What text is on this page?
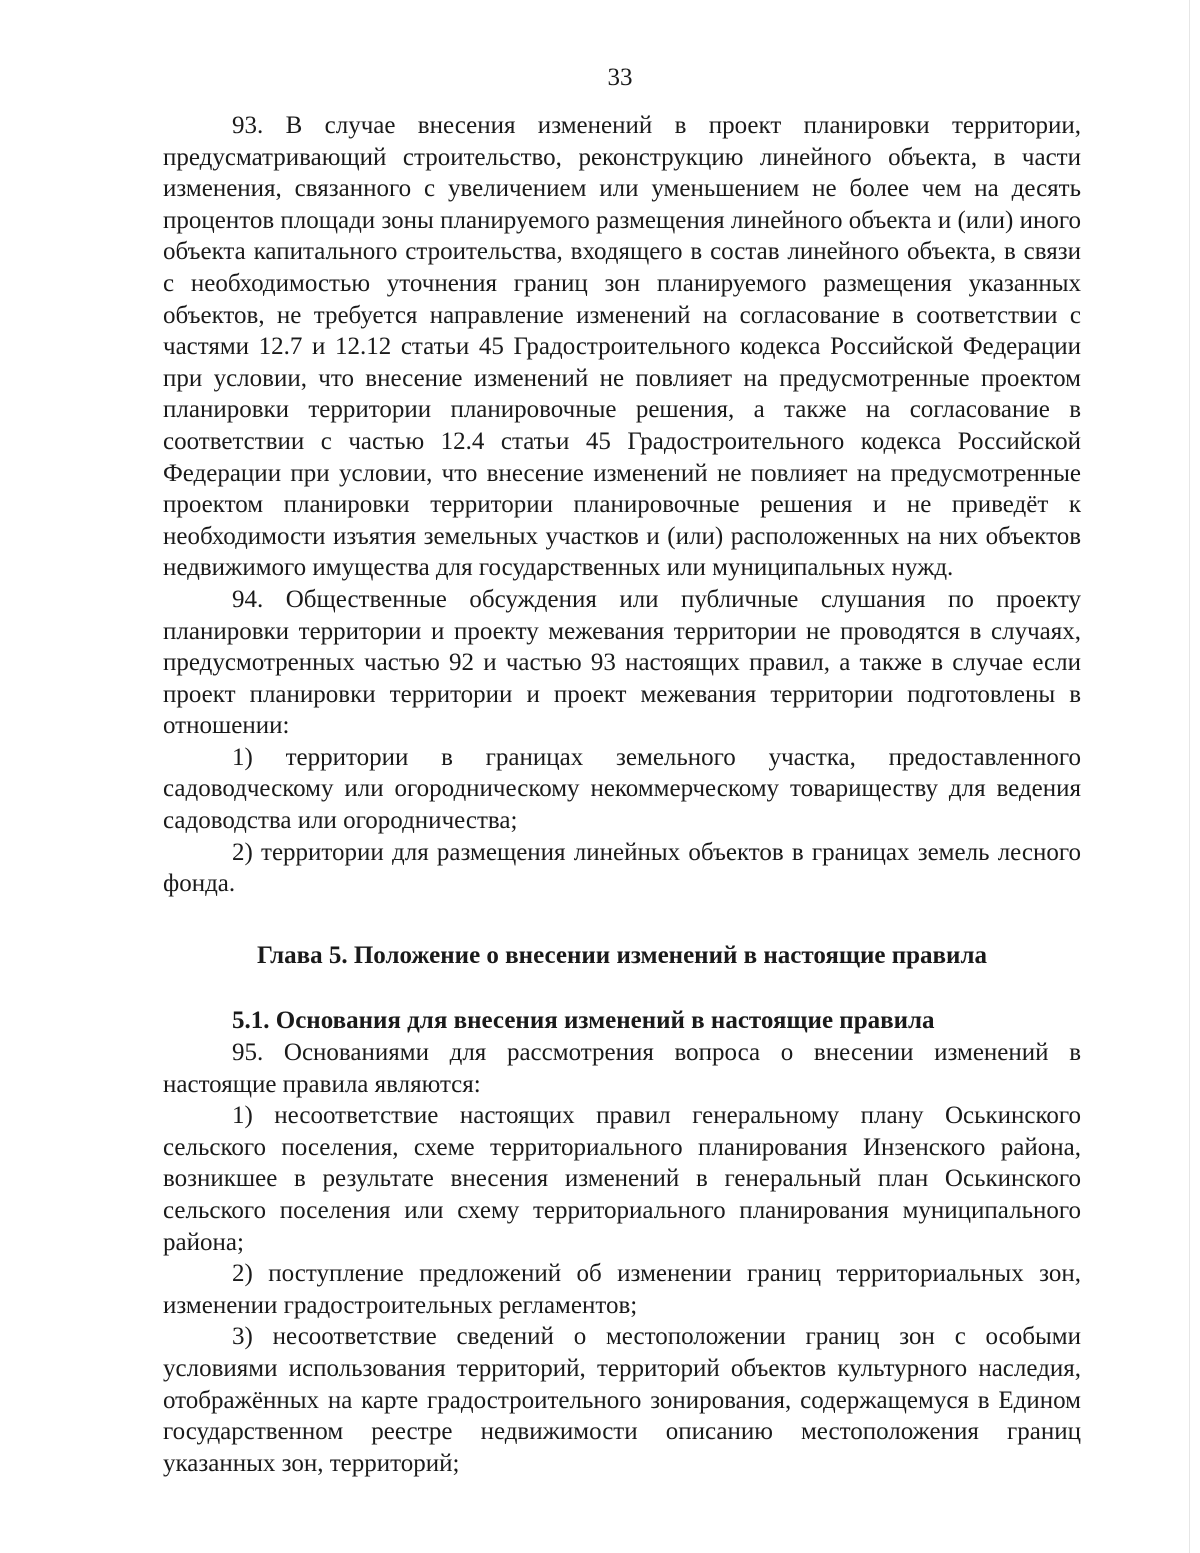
33

93. В случае внесения изменений в проект планировки территории, предусматривающий строительство, реконструкцию линейного объекта, в части изменения, связанного с увеличением или уменьшением не более чем на десять процентов площади зоны планируемого размещения линейного объекта и (или) иного объекта капитального строительства, входящего в состав линейного объекта, в связи с необходимостью уточнения границ зон планируемого размещения указанных объектов, не требуется направление изменений на согласование в соответствии с частями 12.7 и 12.12 статьи 45 Градостроительного кодекса Российской Федерации при условии, что внесение изменений не повлияет на предусмотренные проектом планировки территории планировочные решения, а также на согласование в соответствии с частью 12.4 статьи 45 Градостроительного кодекса Российской Федерации при условии, что внесение изменений не повлияет на предусмотренные проектом планировки территории планировочные решения и не приведёт к необходимости изъятия земельных участков и (или) расположенных на них объектов недвижимого имущества для государственных или муниципальных нужд.

94. Общественные обсуждения или публичные слушания по проекту планировки территории и проекту межевания территории не проводятся в случаях, предусмотренных частью 92 и частью 93 настоящих правил, а также в случае если проект планировки территории и проект межевания территории подготовлены в отношении:

1) территории в границах земельного участка, предоставленного садоводческому или огородническому некоммерческому товариществу для ведения садоводства или огородничества;

2) территории для размещения линейных объектов в границах земель лесного фонда.

Глава 5. Положение о внесении изменений в настоящие правила

5.1. Основания для внесения изменений в настоящие правила

95. Основаниями для рассмотрения вопроса о внесении изменений в настоящие правила являются:

1) несоответствие настоящих правил генеральному плану Оськинского сельского поселения, схеме территориального планирования Инзенского района, возникшее в результате внесения изменений в генеральный план Оськинского сельского поселения или схему территориального планирования муниципального района;

2) поступление предложений об изменении границ территориальных зон, изменении градостроительных регламентов;

3) несоответствие сведений о местоположении границ зон с особыми условиями использования территорий, территорий объектов культурного наследия, отображённых на карте градостроительного зонирования, содержащемуся в Едином государственном реестре недвижимости описанию местоположения границ указанных зон, территорий;
